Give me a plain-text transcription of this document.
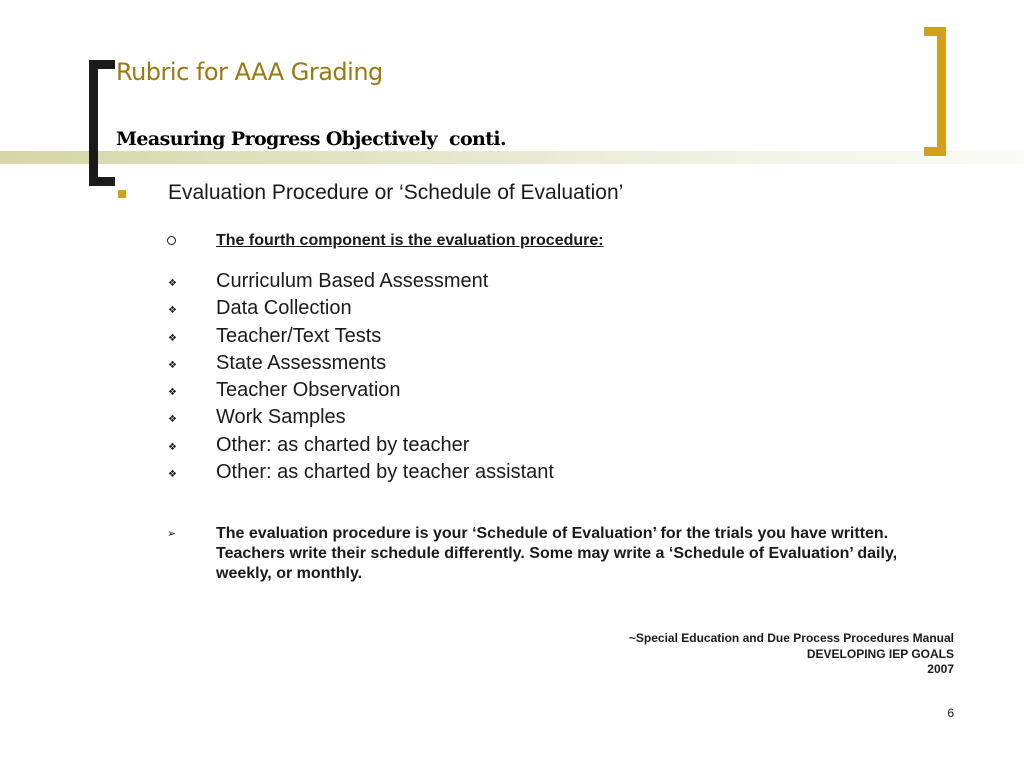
Rubric for AAA Grading
Measuring Progress Objectively conti.
Evaluation Procedure or ‘Schedule of Evaluation’
The fourth component is the evaluation procedure:
❖ Curriculum Based Assessment
❖ Data Collection
❖ Teacher/Text Tests
❖ State Assessments
❖ Teacher Observation
❖ Work Samples
❖ Other: as charted by teacher
❖ Other: as charted by teacher assistant
➢ The evaluation procedure is your ‘Schedule of Evaluation’ for the trials you have written. Teachers write their schedule differently. Some may write a ‘Schedule of Evaluation’ daily, weekly, or monthly.
~Special Education and Due Process Procedures Manual
DEVELOPING IEP GOALS
2007
6
